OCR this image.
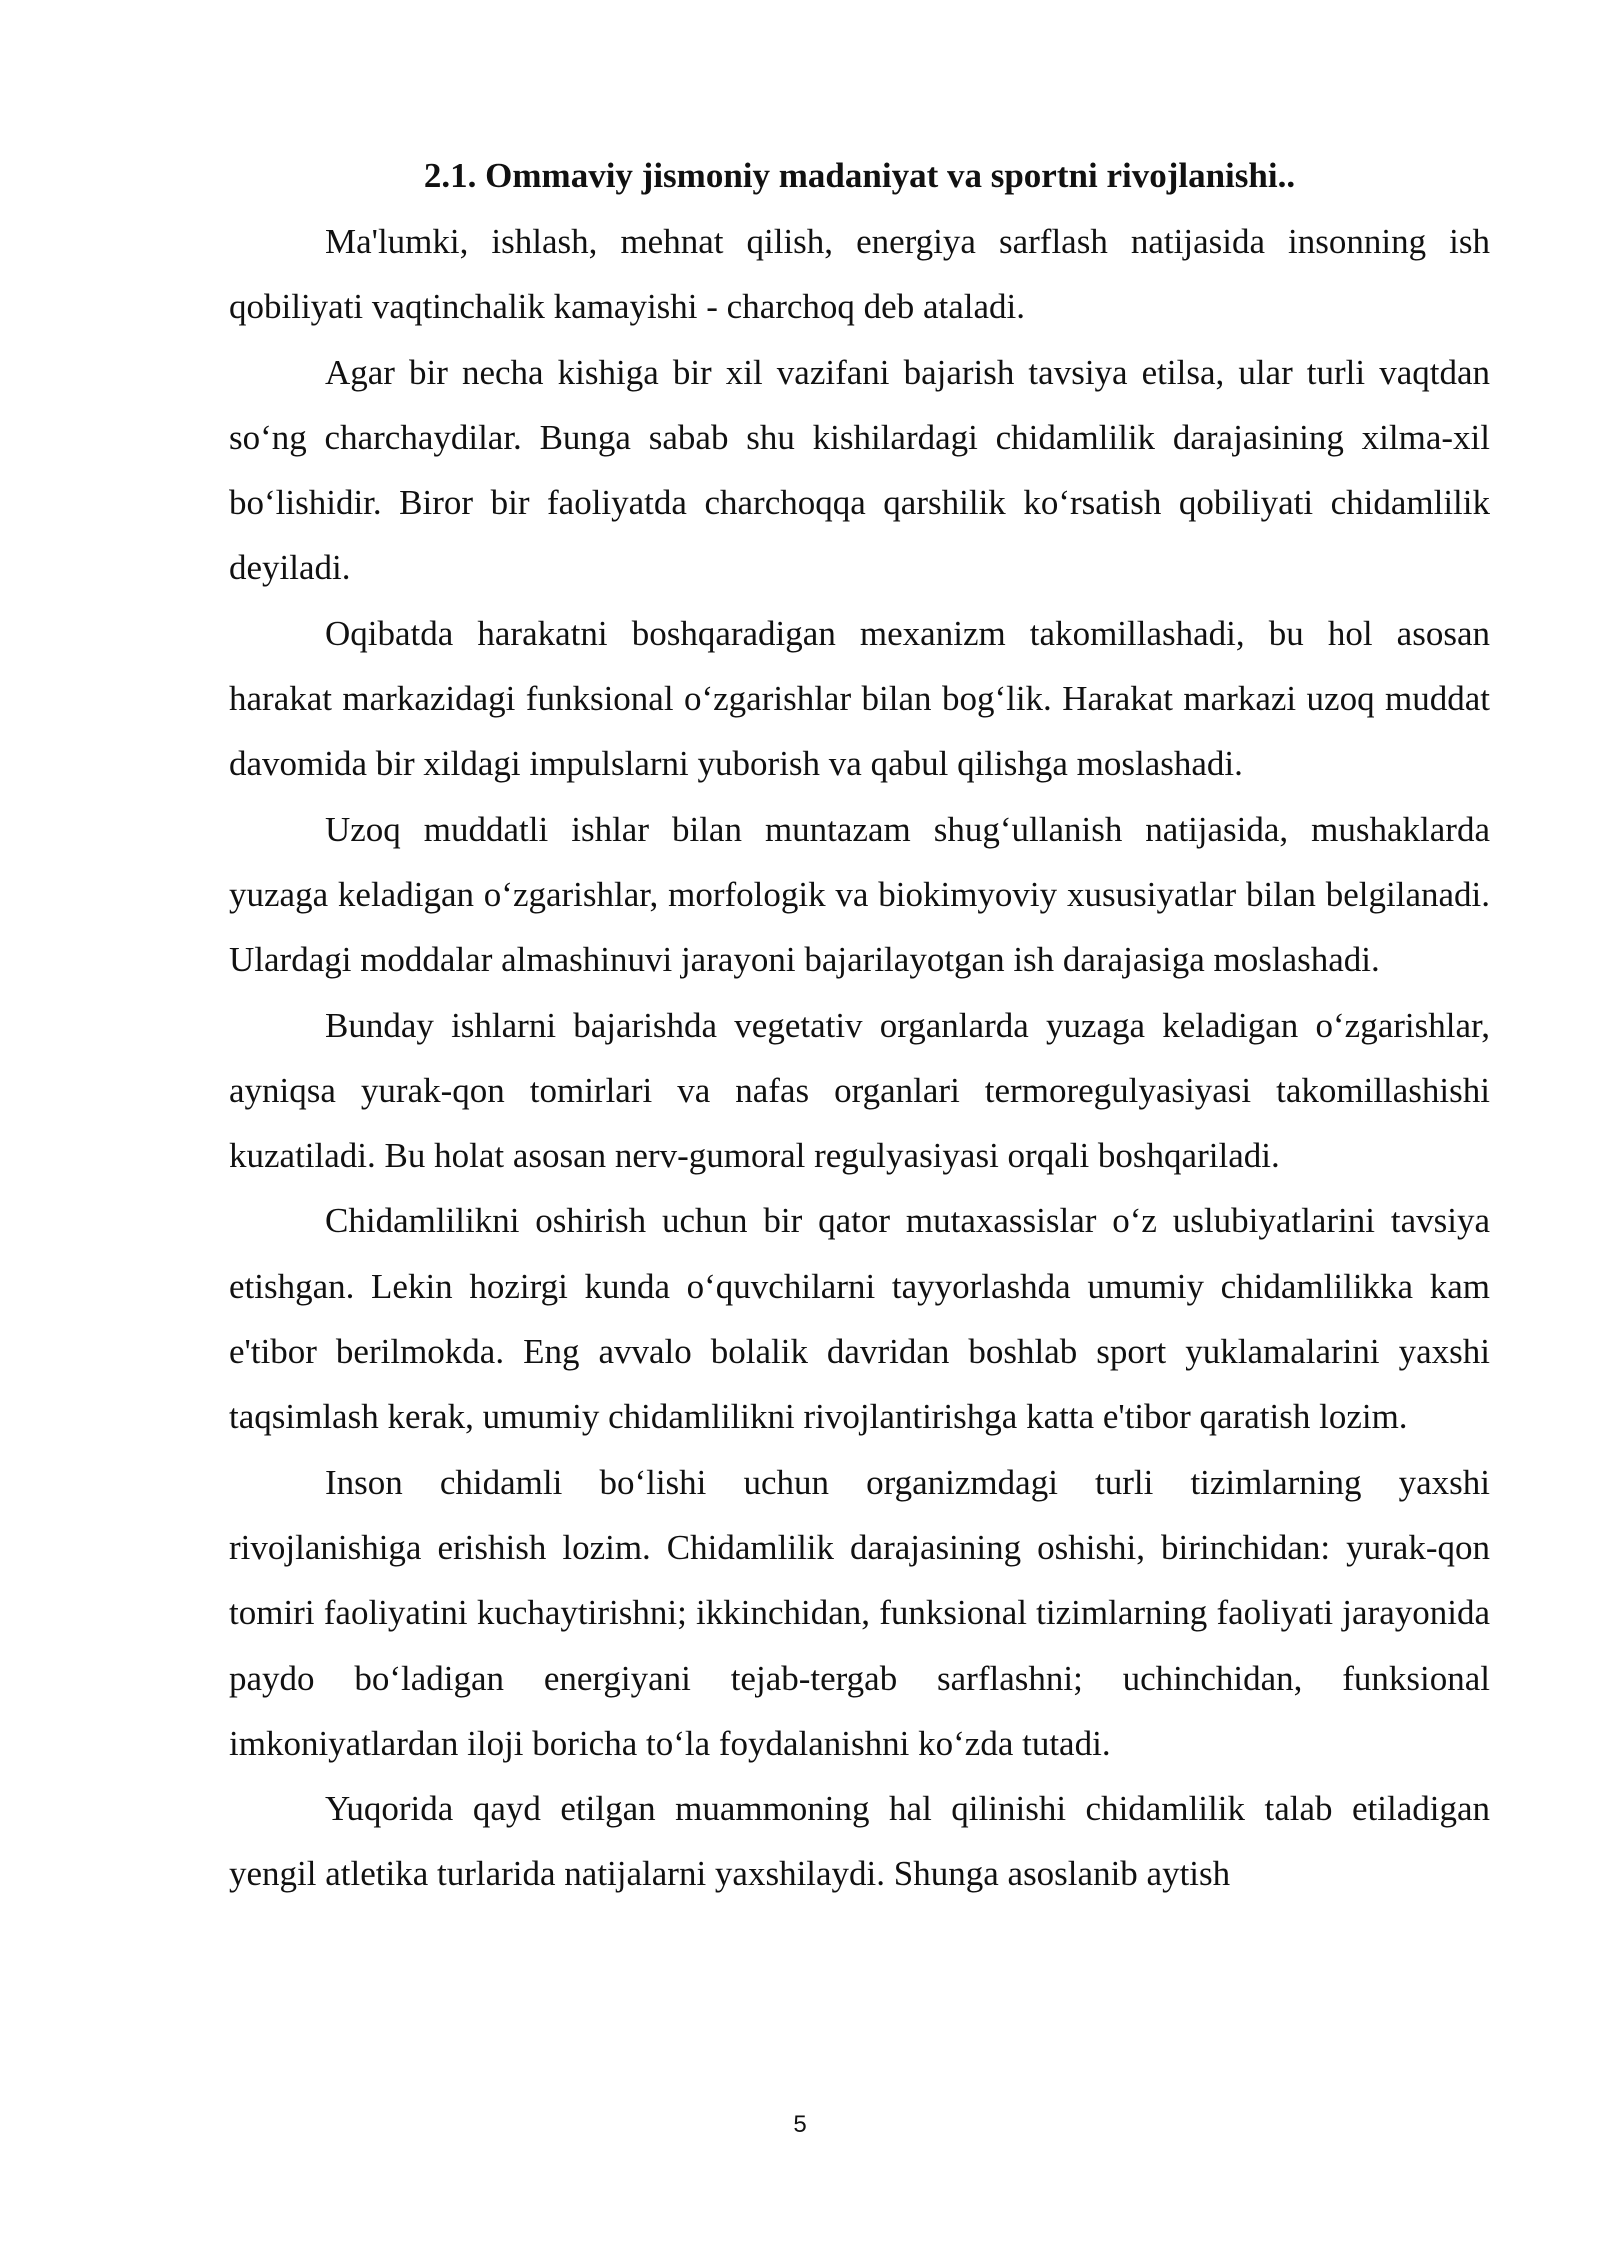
2.1. Ommaviy jismoniy madaniyat va sportni rivojlanishi..

Ma'lumki, ishlash, mehnat qilish, energiya sarflash natijasida insonning ish qobiliyati vaqtinchalik kamayishi - charchoq deb ataladi.

Agar bir necha kishiga bir xil vazifani bajarish tavsiya etilsa, ular turli vaqtdan so‘ng charchaydilar. Bunga sabab shu kishilardagi chidamlilik darajasining xilma-xil bo‘lishidir. Biror bir faoliyatda charchoqqa qarshilik ko‘rsatish qobiliyati chidamlilik deyiladi.

Oqibatda harakatni boshqaradigan mexanizm takomillashadi, bu hol asosan harakat markazidagi funksional o‘zgarishlar bilan bog‘lik. Harakat markazi uzoq muddat davomida bir xildagi impulslarni yuborish va qabul qilishga moslashadi.

Uzoq muddatli ishlar bilan muntazam shug‘ullanish natijasida, mushaklarda yuzaga keladigan o‘zgarishlar, morfologik va biokimyoviy xususiyatlar bilan belgilanadi. Ulardagi moddalar almashinuvi jarayoni bajarilayotgan ish darajasiga moslashadi.

Bunday ishlarni bajarishda vegetativ organlarda yuzaga keladigan o‘zgarishlar, ayniqsa yurak-qon tomirlari va nafas organlari termoregulyasiyasi takomillashishi kuzatiladi. Bu holat asosan nerv-gumoral regulyasiyasi orqali boshqariladi.

Chidamlilikni oshirish uchun bir qator mutaxassislar o‘z uslubiyatlarini tavsiya etishgan. Lekin hozirgi kunda o‘quvchilarni tayyorlashda umumiy chidamlilikka kam e'tibor berilmokda. Eng avvalo bolalik davridan boshlab sport yuklamalarini yaxshi taqsimlash kerak, umumiy chidamlilikni rivojlantirishga katta e'tibor qaratish lozim.

Inson chidamli bo‘lishi uchun organizmdagi turli tizimlarning yaxshi rivojlanishiga erishish lozim. Chidamlilik darajasining oshishi, birinchidan: yurak-qon tomiri faoliyatini kuchaytirishni; ikkinchidan, funksional tizimlarning faoliyati jarayonida paydo bo‘ladigan energiyani tejab-tergab sarflashni; uchinchidan, funksional imkoniyatlardan iloji boricha to‘la foydalanishni ko‘zda tutadi.

Yuqorida qayd etilgan muammoning hal qilinishi chidamlilik talab etiladigan yengil atletika turlarida natijalarni yaxshilaydi. Shunga asoslanib aytish

5
